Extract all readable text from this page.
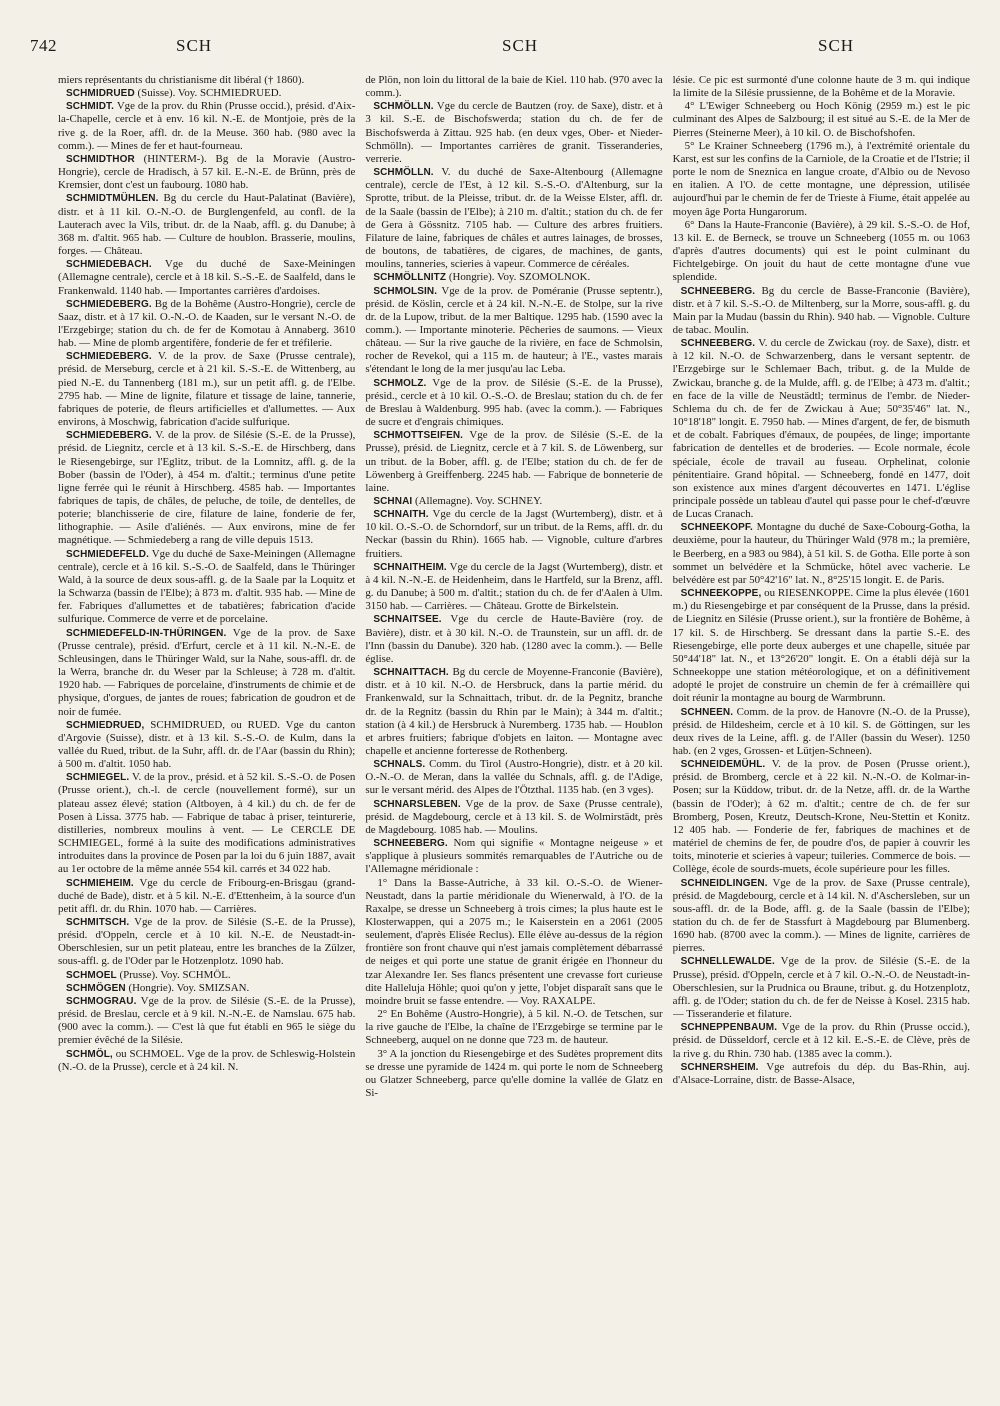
742	SCH	SCH	SCH

miers représentants du christianisme dit libéral († 1860).

SCHMIDRUED (Suisse). Voy. SCHMIEDRUED.

SCHMIDT. Vge de la prov. du Rhin (Prusse occid.), présid. d'Aix-la-Chapelle, cercle et à env. 16 kil. N.-E. de Montjoie, près de la rive g. de la Roer, affl. dr. de la Meuse. 360 hab. (980 avec la comm.). — Mines de fer et haut-fourneau.

SCHMIDTHOR (HINTERM-). Bg de la Moravie (Austro-Hongrie), cercle de Hradisch, à 57 kil. E.-N.-E. de Brünn, près de Kremsier, dont c'est un faubourg. 1080 hab.

SCHMIDTMÜHLEN. Bg du cercle du Haut-Palatinat (Bavière), distr. et à 11 kil. O.-N.-O. de Burglengenfeld, au confl. de la Lauterach avec la Vils, tribut. dr. de la Naab, affl. g. du Danube; à 368 m. d'altit. 965 hab. — Culture de houblon. Brasserie, moulins, forges. — Château.

SCHMIEDEBACH. Vge du duché de Saxe-Meiningen (Allemagne centrale), cercle et à 18 kil. S.-S.-E. de Saalfeld, dans le Frankenwald. 1140 hab. — Importantes carrières d'ardoises.

SCHMIEDEBERG. Bg de la Bohême (Austro-Hongrie), cercle de Saaz, distr. et à 17 kil. O.-N.-O. de Kaaden, sur le versant N.-O. de l'Erzgebirge; station du ch. de fer de Komotau à Annaberg. 3610 hab. — Mine de plomb argentifère, fonderie de fer et tréfilerie.

SCHMIEDEBERG. V. de la prov. de Saxe (Prusse centrale), présid. de Merseburg, cercle et à 21 kil. S.-S.-E. de Wittenberg, au pied N.-E. du Tannenberg (181 m.), sur un petit affl. g. de l'Elbe. 2795 hab. — Mine de lignite, filature et tissage de laine, tannerie, fabriques de poterie, de fleurs artificielles et d'allumettes. — Aux environs, à Moschwig, fabrication d'acide sulfurique.

SCHMIEDEBERG. V. de la prov. de Silésie (S.-E. de la Prusse), présid. de Liegnitz, cercle et à 13 kil. S.-S.-E. de Hirschberg, dans le Riesengebirge, sur l'Eglitz, tribut. de la Lomnitz, affl. g. de la Bober (bassin de l'Oder), à 454 m. d'altit.; terminus d'une petite ligne ferrée qui le réunit à Hirschberg. 4585 hab. — Importantes fabriques de tapis, de châles, de peluche, de toile, de dentelles, de poterie; blanchisserie de cire, filature de laine, fonderie de fer, lithographie. — Asile d'aliénés. — Aux environs, mine de fer magnétique. — Schmiedeberg a rang de ville depuis 1513.

SCHMIEDEFELD. Vge du duché de Saxe-Meiningen (Allemagne centrale), cercle et à 16 kil. S.-S.-O. de Saalfeld, dans le Thüringer Wald, à la source de deux sous-affl. g. de la Saale par la Loquitz et la Schwarza (bassin de l'Elbe); à 873 m. d'altit. 935 hab. — Mine de fer. Fabriques d'allumettes et de tabatières; fabrication d'acide sulfurique. Commerce de verre et de porcelaine.

SCHMIEDEFELD-IN-THÜRINGEN. Vge de la prov. de Saxe (Prusse centrale), présid. d'Erfurt, cercle et à 11 kil. N.-N.-E. de Schleusingen, dans le Thüringer Wald, sur la Nahe, sous-affl. dr. de la Werra, branche dr. du Weser par la Schleuse; à 728 m. d'altit. 1920 hab. — Fabriques de porcelaine, d'instruments de chimie et de physique, d'orgues, de jantes de roues; fabrication de goudron et de noir de fumée.

SCHMIEDRUED, SCHMIDRUED, ou RUED. Vge du canton d'Argovie (Suisse), distr. et à 13 kil. S.-S.-O. de Kulm, dans la vallée du Rued, tribut. de la Suhr, affl. dr. de l'Aar (bassin du Rhin); à 500 m. d'altit. 1050 hab.

SCHMIEGEL. V. de la prov., présid. et à 52 kil. S.-S.-O. de Posen (Prusse orient.), ch.-l. de cercle (nouvellement formé), sur un plateau assez élevé; station (Altboyen, à 4 kil.) du ch. de fer de Posen à Lissa. 3775 hab. — Fabrique de tabac à priser, teinturerie, distilleries, nombreux moulins à vent. — Le CERCLE DE SCHMIEGEL, formé à la suite des modifications administratives introduites dans la province de Posen par la loi du 6 juin 1887, avait au 1er octobre de la même année 554 kil. carrés et 34 022 hab.

SCHMIEHEIM. Vge du cercle de Fribourg-en-Brisgau (grand-duché de Bade), distr. et à 5 kil. N.-E. d'Ettenheim, à la source d'un petit affl. dr. du Rhin. 1070 hab. — Carrières.

SCHMITSCH. Vge de la prov. de Silésie (S.-E. de la Prusse), présid. d'Oppeln, cercle et à 10 kil. N.-E. de Neustadt-in-Oberschlesien, sur un petit plateau, entre les branches de la Zülzer, sous-affl. g. de l'Oder par le Hotzenplotz. 1090 hab.

SCHMOEL (Prusse). Voy. SCHMÖL.

SCHMÖGEN (Hongrie). Voy. SMIZSAN.

SCHMOGRAU. Vge de la prov. de Silésie (S.-E. de la Prusse), présid. de Breslau, cercle et à 9 kil. N.-N.-E. de Namslau. 675 hab. (900 avec la comm.). — C'est là que fut établi en 965 le siège du premier évêché de la Silésie.

SCHMÖL, ou SCHMOEL. Vge de la prov. de Schleswig-Holstein (N.-O. de la Prusse), cercle et à 24 kil. N.

de Plön, non loin du littoral de la baie de Kiel. 110 hab. (970 avec la comm.).

SCHMÖLLN. Vge du cercle de Bautzen (roy. de Saxe), distr. et à 3 kil. S.-E. de Bischofswerda; station du ch. de fer de Bischofswerda à Zittau. 925 hab. (en deux vges, Ober- et Nieder-Schmölln). — Importantes carrières de granit. Tisseranderies, verrerie.

SCHMÖLLN. V. du duché de Saxe-Altenbourg (Allemagne centrale), cercle de l'Est, à 12 kil. S.-S.-O. d'Altenburg, sur la Sprotte, tribut. de la Pleisse, tribut. dr. de la Weisse Elster, affl. dr. de la Saale (bassin de l'Elbe); à 210 m. d'altit.; station du ch. de fer de Gera à Gössnitz. 7105 hab. — Culture des arbres fruitiers. Filature de laine, fabriques de châles et autres lainages, de brosses, de boutons, de tabatières, de cigares, de machines, de gants, moulins, tanneries, scieries à vapeur. Commerce de céréales.

SCHMÖLLNITZ (Hongrie). Voy. SZOMOLNOK.

SCHMOLSIN. Vge de la prov. de Poméranie (Prusse septentr.), présid. de Köslin, cercle et à 24 kil. N.-N.-E. de Stolpe, sur la rive dr. de la Lupow, tribut. de la mer Baltique. 1295 hab. (1590 avec la comm.). — Importante minoterie. Pêcheries de saumons. — Vieux château. — Sur la rive gauche de la rivière, en face de Schmolsin, rocher de Revekol, qui a 115 m. de hauteur; à l'E., vastes marais s'étendant le long de la mer jusqu'au lac Leba.

SCHMOLZ. Vge de la prov. de Silésie (S.-E. de la Prusse), présid., cercle et à 10 kil. O.-S.-O. de Breslau; station du ch. de fer de Breslau à Waldenburg. 995 hab. (avec la comm.). — Fabriques de sucre et d'engrais chimiques.

SCHMOTTSEIFEN. Vge de la prov. de Silésie (S.-E. de la Prusse), présid. de Liegnitz, cercle et à 7 kil. S. de Löwenberg, sur un tribut. de la Bober, affl. g. de l'Elbe; station du ch. de fer de Löwenberg à Greiffenberg. 2245 hab. — Fabrique de bonneterie de laine.

SCHNAI (Allemagne). Voy. SCHNEY.

SCHNAITH. Vge du cercle de la Jagst (Wurtemberg), distr. et à 10 kil. O.-S.-O. de Schorndorf, sur un tribut. de la Rems, affl. dr. du Neckar (bassin du Rhin). 1665 hab. — Vignoble, culture d'arbres fruitiers.

SCHNAITHEIM. Vge du cercle de la Jagst (Wurtemberg), distr. et à 4 kil. N.-N.-E. de Heidenheim, dans le Hartfeld, sur la Brenz, affl. g. du Danube; à 500 m. d'altit.; station du ch. de fer d'Aalen à Ulm. 3150 hab. — Carrières. — Château. Grotte de Birkelstein.

SCHNAITSEE. Vge du cercle de Haute-Bavière (roy. de Bavière), distr. et à 30 kil. N.-O. de Traunstein, sur un affl. dr. de l'Inn (bassin du Danube). 320 hab. (1280 avec la comm.). — Belle église.

SCHNAITTACH. Bg du cercle de Moyenne-Franconie (Bavière), distr. et à 10 kil. N.-O. de Hersbruck, dans la partie mérid. du Frankenwald, sur la Schnaittach, tribut. dr. de la Pegnitz, branche dr. de la Regnitz (bassin du Rhin par le Main); à 344 m. d'altit.; station (à 4 kil.) de Hersbruck à Nuremberg. 1735 hab. — Houblon et arbres fruitiers; fabrique d'objets en laiton. — Montagne avec chapelle et ancienne forteresse de Rothenberg.

SCHNALS. Comm. du Tirol (Austro-Hongrie), distr. et à 20 kil. O.-N.-O. de Meran, dans la vallée du Schnals, affl. g. de l'Adige, sur le versant mérid. des Alpes de l'Ötzthal. 1135 hab. (en 3 vges).

SCHNARSLEBEN. Vge de la prov. de Saxe (Prusse centrale), présid. de Magdebourg, cercle et à 13 kil. S. de Wolmirstädt, près de Magdebourg. 1085 hab. — Moulins.

SCHNEEBERG. Nom qui signifie « Montagne neigeuse » et s'applique à plusieurs sommités remarquables de l'Autriche ou de l'Allemagne méridionale :

1° Dans la Basse-Autriche, à 33 kil. O.-S.-O. de Wiener-Neustadt, dans la partie méridionale du Wienerwald, à l'O. de la Raxalpe, se dresse un Schneeberg à trois cimes; la plus haute est le Klosterwappen, qui a 2075 m.; le Kaiserstein en a 2061 (2005 seulement, d'après Elisée Reclus). Elle élève au-dessus de la région frontière son front chauve qui n'est jamais complètement débarrassé de neiges et qui porte une statue de granit érigée en l'honneur du tzar Alexandre Ier. Ses flancs présentent une crevasse fort curieuse dite Halleluja Höhle; quoi qu'on y jette, l'objet disparaît sans que le moindre bruit se fasse entendre. — Voy. RAXALPE.

2° En Bohême (Austro-Hongrie), à 5 kil. N.-O. de Tetschen, sur la rive gauche de l'Elbe, la chaîne de l'Erzgebirge se termine par le Schneeberg, auquel on ne donne que 723 m. de hauteur.

3° A la jonction du Riesengebirge et des Sudètes proprement dits se dresse une pyramide de 1424 m. qui porte le nom de Schneeberg ou Glatzer Schneeberg, parce qu'elle domine la vallée de Glatz en Si-

lésie. Ce pic est surmonté d'une colonne haute de 3 m. qui indique la limite de la Silésie prussienne, de la Bohême et de la Moravie.

4° L'Ewiger Schneeberg ou Hoch König (2959 m.) est le pic culminant des Alpes de Salzbourg; il est situé au S.-E. de la Mer de Pierres (Steinerne Meer), à 10 kil. O. de Bischofshofen.

5° Le Krainer Schneeberg (1796 m.), à l'extrémité orientale du Karst, est sur les confins de la Carniole, de la Croatie et de l'Istrie; il porte le nom de Snezniсa en langue croate, d'Albio ou de Nevoso en italien. A l'O. de cette montagne, une dépression, utilisée aujourd'hui par le chemin de fer de Trieste à Fiume, était appelée au moyen âge Porta Hungarorum.

6° Dans la Haute-Franconie (Bavière), à 29 kil. S.-S.-O. de Hof, 13 kil. E. de Berneck, se trouve un Schneeberg (1055 m. ou 1063 d'après d'autres documents) qui est le point culminant du Fichtelgebirge. On jouit du haut de cette montagne d'une vue splendide.

SCHNEEBERG. Bg du cercle de Basse-Franconie (Bavière), distr. et à 7 kil. S.-S.-O. de Miltenberg, sur la Morre, sous-affl. g. du Main par la Mudau (bassin du Rhin). 940 hab. — Vignoble. Culture de tabac. Moulin.

SCHNEEBERG. V. du cercle de Zwickau (roy. de Saxe), distr. et à 12 kil. N.-O. de Schwarzenberg, dans le versant septentr. de l'Erzgebirge sur le Schlemaer Bach, tribut. g. de la Mulde de Zwickau, branche g. de la Mulde, affl. g. de l'Elbe; à 473 m. d'altit.; en face de la ville de Neustädtl; terminus de l'embr. de Nieder-Schlema du ch. de fer de Zwickau à Aue; 50°35'46" lat. N., 10°18'18" longit. E. 7950 hab. — Mines d'argent, de fer, de bismuth et de cobalt. Fabriques d'émaux, de poupées, de linge; importante fabrication de dentelles et de broderies. — Ecole normale, école spéciale, école de travail au fuseau. Orphelinat, colonie pénitentiaire. Grand hôpital. — Schneeberg, fondé en 1477, doit son existence aux mines d'argent découvertes en 1471. L'église principale possède un tableau d'autel qui passe pour le chef-d'œuvre de Lucas Cranach.

SCHNEEKOPF. Montagne du duché de Saxe-Cobourg-Gotha, la deuxième, pour la hauteur, du Thüringer Wald (978 m.; la première, le Beerberg, en a 983 ou 984), à 51 kil. S. de Gotha. Elle porte à son sommet un belvédère et la Schmücke, hôtel avec vacherie. Le belvédère est par 50°42'16" lat. N., 8°25'15 longit. E. de Paris.

SCHNEEKOPPE, ou RIESENKOPPE. Cime la plus élevée (1601 m.) du Riesengebirge et par conséquent de la Prusse, dans la présid. de Liegnitz en Silésie (Prusse orient.), sur la frontière de Bohême, à 17 kil. S. de Hirschberg. Se dressant dans la partie S.-E. des Riesengebirge, elle porte deux auberges et une chapelle, située par 50°44'18" lat. N., et 13°26'20" longit. E. On a établi déjà sur la Schneekoppe une station météorologique, et on a définitivement adopté le projet de construire un chemin de fer à crémaillère qui doit réunir la montagne au bourg de Warmbrunn.

SCHNEEN. Comm. de la prov. de Hanovre (N.-O. de la Prusse), présid. de Hildesheim, cercle et à 10 kil. S. de Göttingen, sur les deux rives de la Leine, affl. g. de l'Aller (bassin du Weser). 1250 hab. (en 2 vges, Grossen- et Lütjen-Schneen).

SCHNEIDEMÜHL. V. de la prov. de Posen (Prusse orient.), présid. de Bromberg, cercle et à 22 kil. N.-N.-O. de Kolmar-in-Posen; sur la Küddow, tribut. dr. de la Netze, affl. dr. de la Warthe (bassin de l'Oder); à 62 m. d'altit.; centre de ch. de fer sur Bromberg, Posen, Kreutz, Deutsch-Krone, Neu-Stettin et Konitz. 12 405 hab. — Fonderie de fer, fabriques de machines et de matériel de chemins de fer, de poudre d'os, de papier à couvrir les toits, minoterie et scieries à vapeur; tuileries. Commerce de bois. — Collège, école de sourds-muets, école supérieure pour les filles.

SCHNEIDLINGEN. Vge de la prov. de Saxe (Prusse centrale), présid. de Magdebourg, cercle et à 14 kil. N. d'Aschersleben, sur un sous-affl. dr. de la Bode, affl. g. de la Saale (bassin de l'Elbe); station du ch. de fer de Stassfurt à Magdebourg par Blumenberg. 1690 hab. (8700 avec la comm.). — Mines de lignite, carrières de pierres.

SCHNELLEWALDE. Vge de la prov. de Silésie (S.-E. de la Prusse), présid. d'Oppeln, cercle et à 7 kil. O.-N.-O. de Neustadt-in-Oberschlesien, sur la Prudnica ou Braune, tribut. g. du Hotzenplotz, affl. g. de l'Oder; station du ch. de fer de Neisse à Kosel. 2315 hab. — Tisseranderie et filature.

SCHNEPPENBAUM. Vge de la prov. du Rhin (Prusse occid.), présid. de Düsseldorf, cercle et à 12 kil. E.-S.-E. de Clève, près de la rive g. du Rhin. 730 hab. (1385 avec la comm.).

SCHNERSHEIM. Vge autrefois du dép. du Bas-Rhin, auj. d'Alsace-Lorraine, distr. de Basse-Alsace,
